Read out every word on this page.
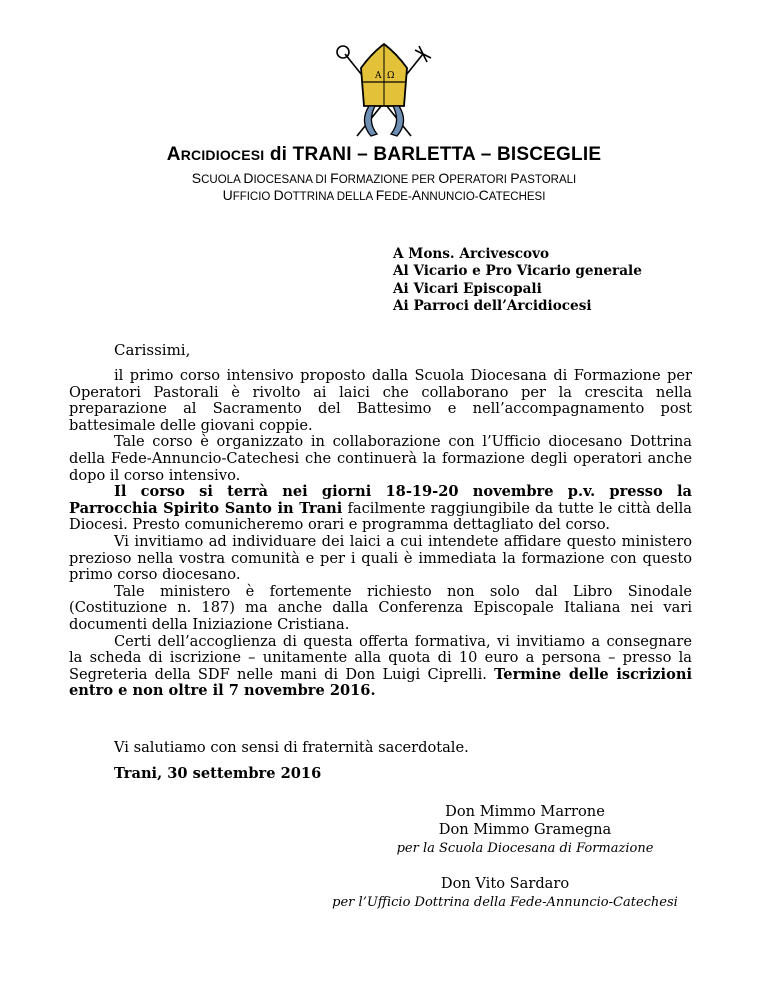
A Ω
ARCIDIOCESI di TRANI – BARLETTA – BISCEGLIE
SCUOLA DIOCESANA DI FORMAZIONE PER OPERATORI PASTORALI
UFFICIO DOTTRINA DELLA FEDE-ANNUNCIO-CATECHESI
A Mons. Arcivescovo
Al Vicario e Pro Vicario generale
Ai Vicari Episcopali
Ai Parroci dell’Arcidiocesi
Carissimi,

il primo corso intensivo proposto dalla Scuola Diocesana di Formazione per Operatori Pastorali è rivolto ai laici che collaborano per la crescita nella preparazione al Sacramento del Battesimo e nell’accompagnamento post battesimale delle giovani coppie.

Tale corso è organizzato in collaborazione con l’Ufficio diocesano Dottrina della Fede-Annuncio-Catechesi che continuerà la formazione degli operatori anche dopo il corso intensivo.

Il corso si terrà nei giorni 18-19-20 novembre p.v. presso la Parrocchia Spirito Santo in Trani facilmente raggiungibile da tutte le città della Diocesi. Presto comunicheremo orari e programma dettagliato del corso.

Vi invitiamo ad individuare dei laici a cui intendete affidare questo ministero prezioso nella vostra comunità e per i quali è immediata la formazione con questo primo corso diocesano.

Tale ministero è fortemente richiesto non solo dal Libro Sinodale (Costituzione n. 187) ma anche dalla Conferenza Episcopale Italiana nei vari documenti della Iniziazione Cristiana.

Certi dell’accoglienza di questa offerta formativa, vi invitiamo a consegnare la scheda di iscrizione – unitamente alla quota di 10 euro a persona – presso la Segreteria della SDF nelle mani di Don Luigi Ciprelli. Termine delle iscrizioni entro e non oltre il 7 novembre 2016.

Vi salutiamo con sensi di fraternità sacerdotale.
Trani, 30 settembre 2016
Don Mimmo Marrone
Don Mimmo Gramegna
per la Scuola Diocesana di Formazione
Don Vito Sardaro
per l’Ufficio Dottrina della Fede-Annuncio-Catechesi
